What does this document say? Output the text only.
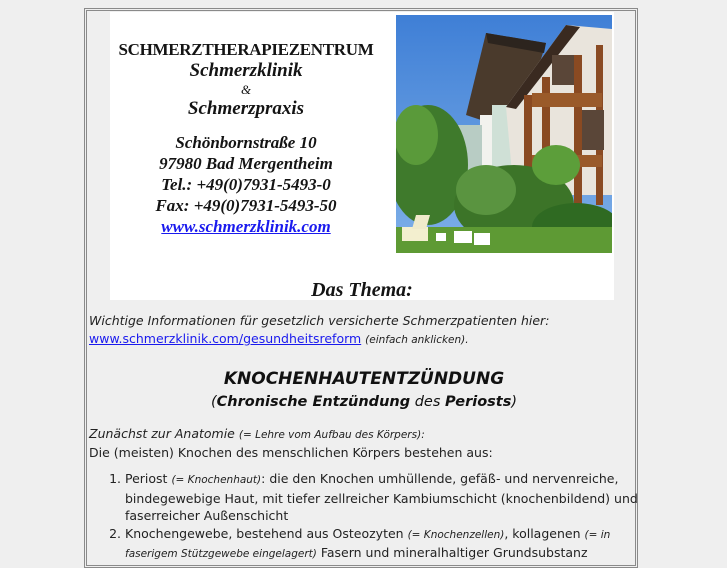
SCHMERZTHERAPIEZENTRUM
Schmerzklinik
&
Schmerzpraxis
Schönbornstraße 10
97980 Bad Mergentheim
Tel.: +49(0)7931-5493-0
Fax: +49(0)7931-5493-50
www.schmerzklinik.com
Das Thema:

Wichtige Informationen für gesetzlich versicherte Schmerzpatienten hier:

www.schmerzklinik.com/gesundheitsreform (einfach anklicken).

KNOCHENHAUTENTZÜNDUNG
(Chronische Entzündung des Periosts)

Zunächst zur Anatomie (= Lehre vom Aufbau des Körpers):

Die (meisten) Knochen des menschlichen Körpers bestehen aus:

1. Periost (= Knochenhaut): die den Knochen umhüllende, gefäß- und nervenreiche, bindegewebige Haut, mit tiefer zellreicher Kambiumschicht (knochenbildend) und faserreicher Außenschicht
2. Knochengewebe, bestehend aus Osteozyten (= Knochenzellen), kollagenen (= in faserigem Stützgewebe eingelagert) Fasern und mineralhaltiger Grundsubstanz
